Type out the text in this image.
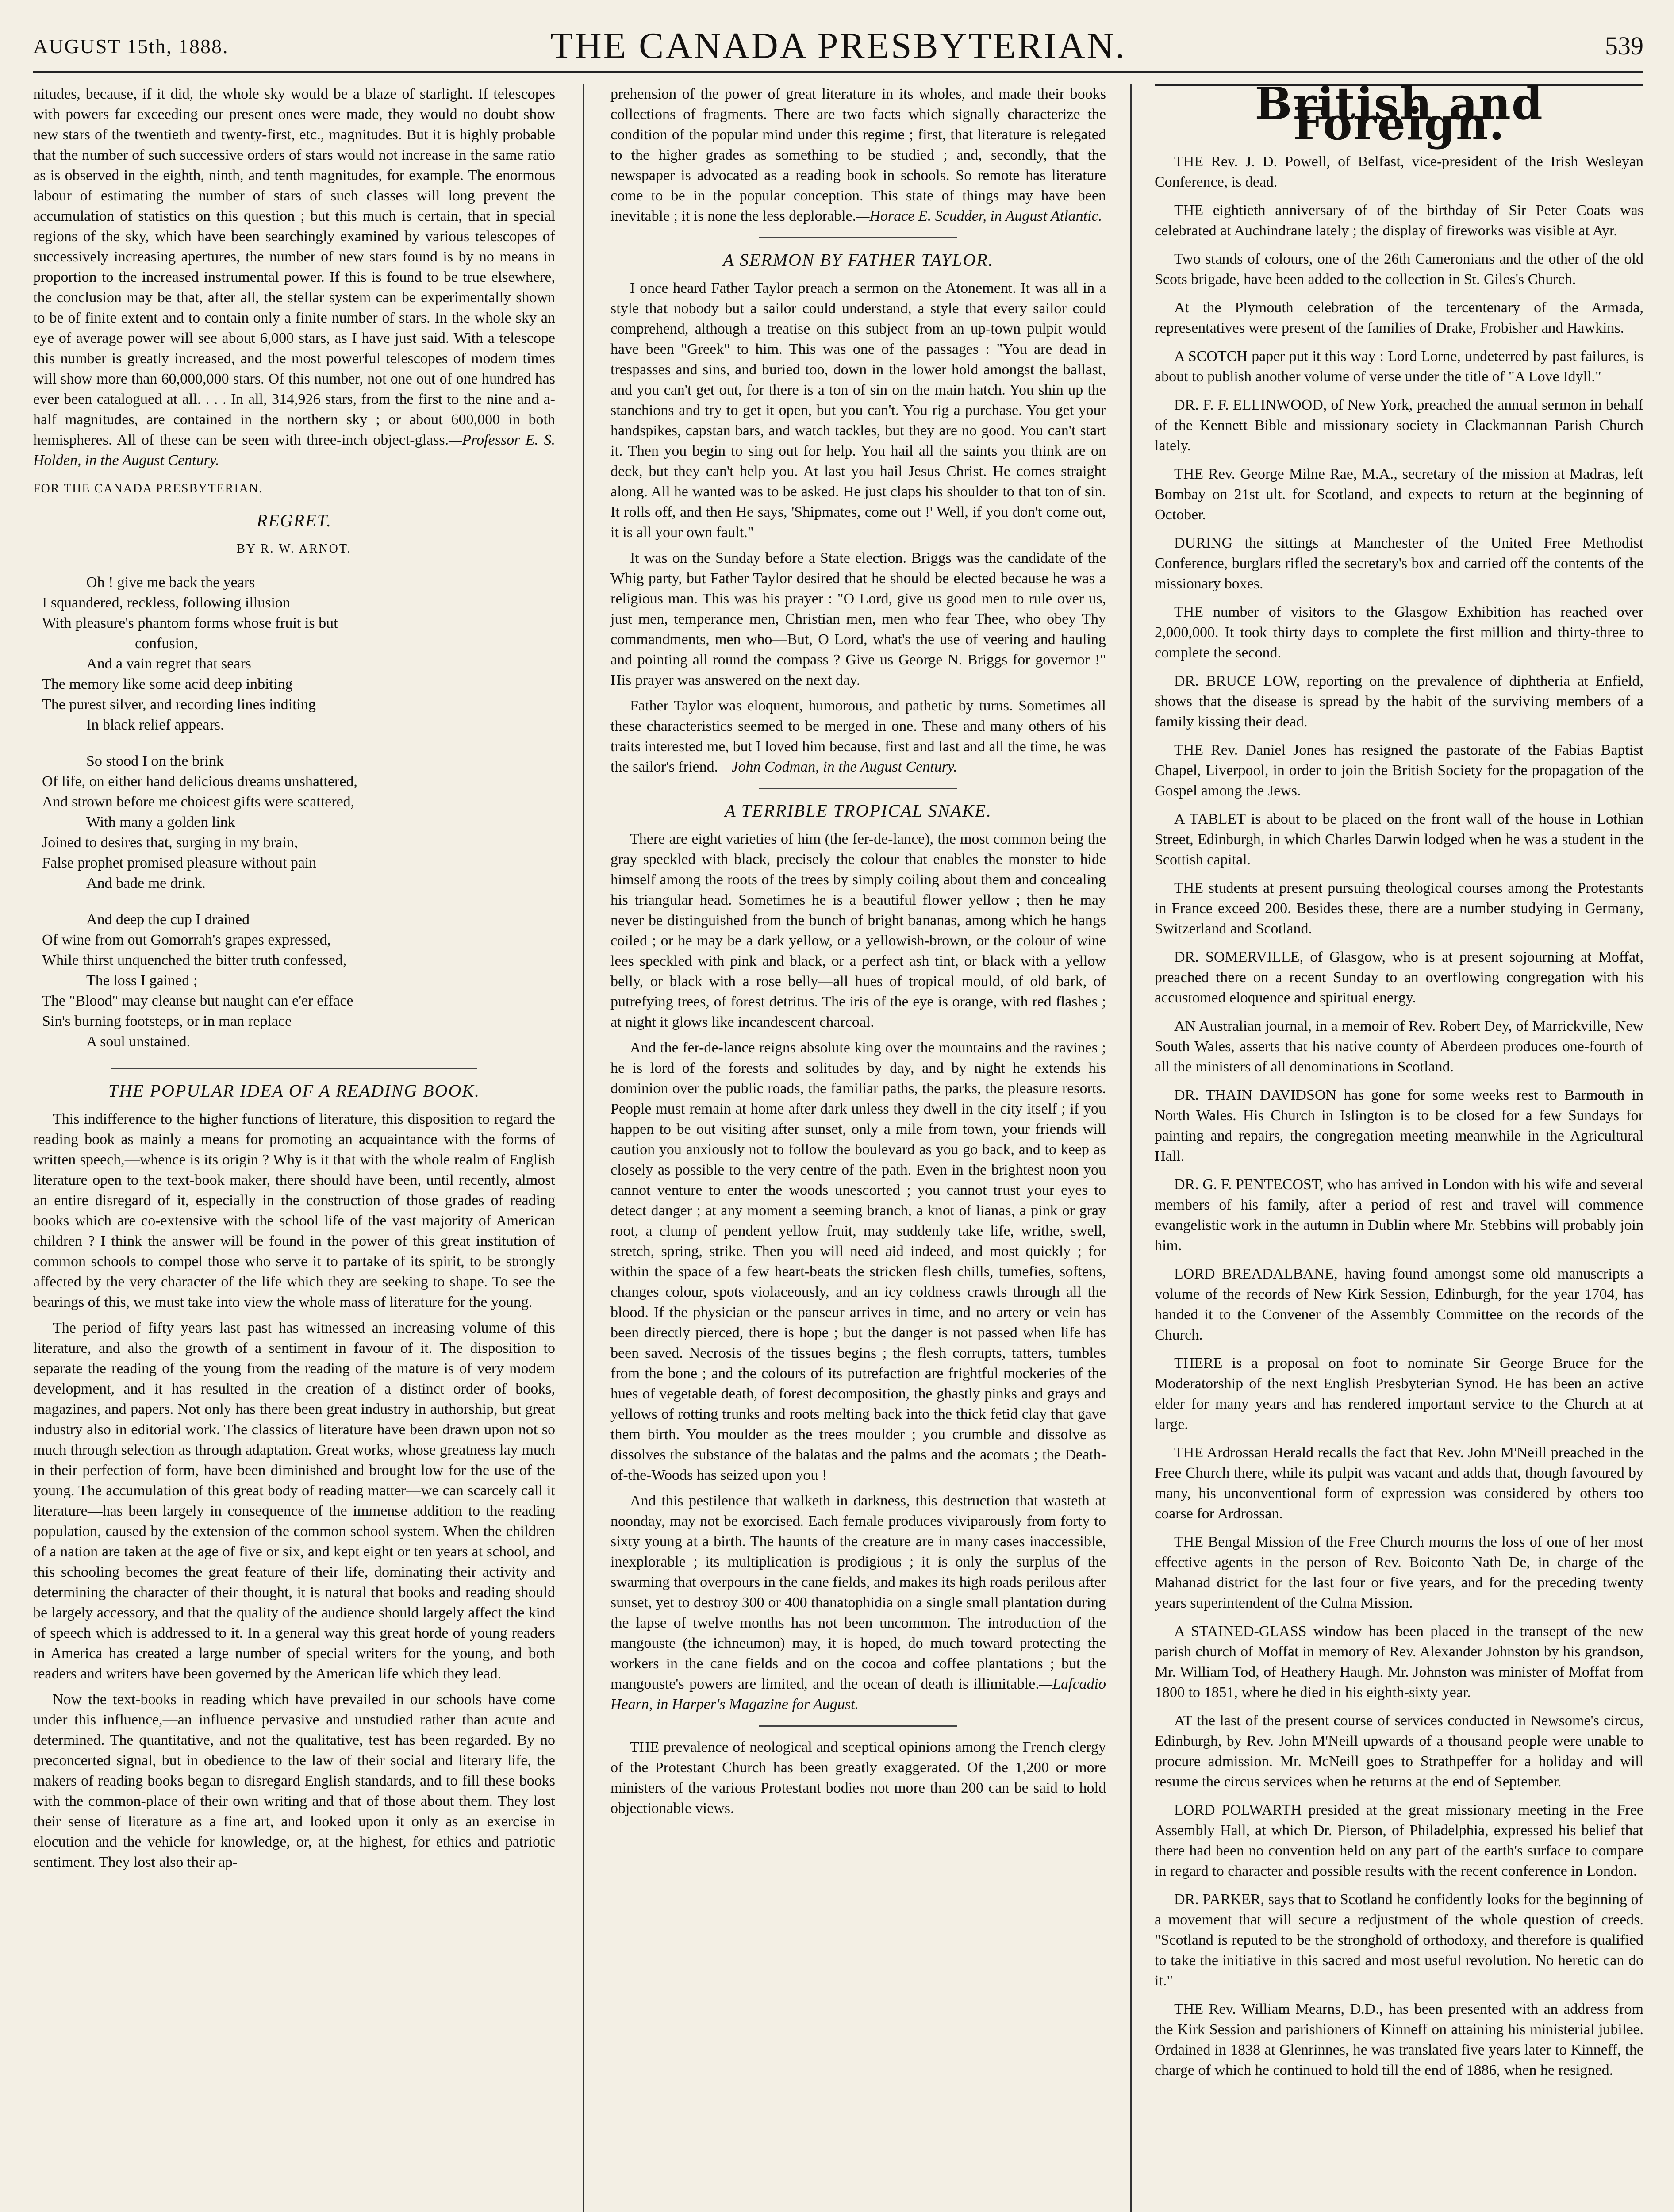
AUGUST 15th, 1888.	THE CANADA PRESBYTERIAN.	539

nitudes, because, if it did, the whole sky would be a blaze of starlight. If telescopes with powers far exceeding our present ones were made, they would no doubt show new stars of the twentieth and twenty-first, etc., magnitudes. But it is highly probable that the number of such successive orders of stars would not increase in the same ratio as is observed in the eighth, ninth, and tenth magnitudes, for example. The enormous labour of estimating the number of stars of such classes will long prevent the accumulation of statistics on this question ; but this much is certain, that in special regions of the sky, which have been searchingly examined by various telescopes of successively increasing apertures, the number of new stars found is by no means in proportion to the increased instrumental power. If this is found to be true elsewhere, the conclusion may be that, after all, the stellar system can be experimentally shown to be of finite extent and to contain only a finite number of stars. In the whole sky an eye of average power will see about 6,000 stars, as I have just said. With a telescope this number is greatly increased, and the most powerful telescopes of modern times will show more than 60,000,000 stars. Of this number, not one out of one hundred has ever been catalogued at all. . . . In all, 314,926 stars, from the first to the nine and a-half magnitudes, are contained in the northern sky ; or about 600,000 in both hemispheres. All of these can be seen with three-inch object-glass.—Professor E. S. Holden, in the August Century.

FOR THE CANADA PRESBYTERIAN.
REGRET.
BY R. W. ARNOT.
Oh ! give me back the years
I squandered, reckless, following illusion
With pleasure's phantom forms whose fruit is but
confusion,
And a vain regret that sears
The memory like some acid deep inbiting
The purest silver, and recording lines inditing
In black relief appears.
So stood I on the brink
Of life, on either hand delicious dreams unshattered,
And strown before me choicest gifts were scattered,
With many a golden link
Joined to desires that, surging in my brain,
False prophet promised pleasure without pain
And bade me drink.
And deep the cup I drained
Of wine from out Gomorrah's grapes expressed,
While thirst unquenched the bitter truth confessed,
The loss I gained ;
The "Blood" may cleanse but naught can e'er efface
Sin's burning footsteps, or in man replace
A soul unstained.
THE POPULAR IDEA OF A READING BOOK.

This indifference to the higher functions of literature, this disposition to regard the reading book as mainly a means for promoting an acquaintance with the forms of written speech,—whence is its origin ? Why is it that with the whole realm of English literature open to the text-book maker, there should have been, until recently, almost an entire disregard of it, especially in the construction of those grades of reading books which are co-extensive with the school life of the vast majority of American children ? I think the answer will be found in the power of this great institution of common schools to compel those who serve it to partake of its spirit, to be strongly affected by the very character of the life which they are seeking to shape. To see the bearings of this, we must take into view the whole mass of literature for the young.

The period of fifty years last past has witnessed an increasing volume of this literature, and also the growth of a sentiment in favour of it. The disposition to separate the reading of the young from the reading of the mature is of very modern development, and it has resulted in the creation of a distinct order of books, magazines, and papers. Not only has there been great industry in authorship, but great industry also in editorial work. The classics of literature have been drawn upon not so much through selection as through adaptation. Great works, whose greatness lay much in their perfection of form, have been diminished and brought low for the use of the young. The accumulation of this great body of reading matter—we can scarcely call it literature—has been largely in consequence of the immense addition to the reading population, caused by the extension of the common school system. When the children of a nation are taken at the age of five or six, and kept eight or ten years at school, and this schooling becomes the great feature of their life, dominating their activity and determining the character of their thought, it is natural that books and reading should be largely accessory, and that the quality of the audience should largely affect the kind of speech which is addressed to it. In a general way this great horde of young readers in America has created a large number of special writers for the young, and both readers and writers have been governed by the American life which they lead.

Now the text-books in reading which have prevailed in our schools have come under this influence,—an influence pervasive and unstudied rather than acute and determined. The quantitative, and not the qualitative, test has been regarded. By no preconcerted signal, but in obedience to the law of their social and literary life, the makers of reading books began to disregard English standards, and to fill these books with the common-place of their own writing and that of those about them. They lost their sense of literature as a fine art, and looked upon it only as an exercise in elocution and the vehicle for knowledge, or, at the highest, for ethics and patriotic sentiment. They lost also their ap-

prehension of the power of great literature in its wholes, and made their books collections of fragments. There are two facts which signally characterize the condition of the popular mind under this regime ; first, that literature is relegated to the higher grades as something to be studied ; and, secondly, that the newspaper is advocated as a reading book in schools. So remote has literature come to be in the popular conception. This state of things may have been inevitable ; it is none the less deplorable.—Horace E. Scudder, in August Atlantic.

A SERMON BY FATHER TAYLOR.

I once heard Father Taylor preach a sermon on the Atonement. It was all in a style that nobody but a sailor could understand, a style that every sailor could comprehend, although a treatise on this subject from an up-town pulpit would have been "Greek" to him. This was one of the passages : "You are dead in trespasses and sins, and buried too, down in the lower hold amongst the ballast, and you can't get out, for there is a ton of sin on the main hatch. You shin up the stanchions and try to get it open, but you can't. You rig a purchase. You get your handspikes, capstan bars, and watch tackles, but they are no good. You can't start it. Then you begin to sing out for help. You hail all the saints you think are on deck, but they can't help you. At last you hail Jesus Christ. He comes straight along. All he wanted was to be asked. He just claps his shoulder to that ton of sin. It rolls off, and then He says, 'Shipmates, come out !' Well, if you don't come out, it is all your own fault."

It was on the Sunday before a State election. Briggs was the candidate of the Whig party, but Father Taylor desired that he should be elected because he was a religious man. This was his prayer : "O Lord, give us good men to rule over us, just men, temperance men, Christian men, men who fear Thee, who obey Thy commandments, men who—But, O Lord, what's the use of veering and hauling and pointing all round the compass ? Give us George N. Briggs for governor !" His prayer was answered on the next day.

Father Taylor was eloquent, humorous, and pathetic by turns. Sometimes all these characteristics seemed to be merged in one. These and many others of his traits interested me, but I loved him because, first and last and all the time, he was the sailor's friend.—John Codman, in the August Century.

A TERRIBLE TROPICAL SNAKE.

There are eight varieties of him (the fer-de-lance), the most common being the gray speckled with black, precisely the colour that enables the monster to hide himself among the roots of the trees by simply coiling about them and concealing his triangular head. Sometimes he is a beautiful flower yellow ; then he may never be distinguished from the bunch of bright bananas, among which he hangs coiled ; or he may be a dark yellow, or a yellowish-brown, or the colour of wine lees speckled with pink and black, or a perfect ash tint, or black with a yellow belly, or black with a rose belly—all hues of tropical mould, of old bark, of putrefying trees, of forest detritus. The iris of the eye is orange, with red flashes ; at night it glows like incandescent charcoal.

And the fer-de-lance reigns absolute king over the mountains and the ravines ; he is lord of the forests and solitudes by day, and by night he extends his dominion over the public roads, the familiar paths, the parks, the pleasure resorts. People must remain at home after dark unless they dwell in the city itself ; if you happen to be out visiting after sunset, only a mile from town, your friends will caution you anxiously not to follow the boulevard as you go back, and to keep as closely as possible to the very centre of the path. Even in the brightest noon you cannot venture to enter the woods unescorted ; you cannot trust your eyes to detect danger ; at any moment a seeming branch, a knot of lianas, a pink or gray root, a clump of pendent yellow fruit, may suddenly take life, writhe, swell, stretch, spring, strike. Then you will need aid indeed, and most quickly ; for within the space of a few heart-beats the stricken flesh chills, tumefies, softens, changes colour, spots violaceously, and an icy coldness crawls through all the blood. If the physician or the panseur arrives in time, and no artery or vein has been directly pierced, there is hope ; but the danger is not passed when life has been saved. Necrosis of the tissues begins ; the flesh corrupts, tatters, tumbles from the bone ; and the colours of its putrefaction are frightful mockeries of the hues of vegetable death, of forest decomposition, the ghastly pinks and grays and yellows of rotting trunks and roots melting back into the thick fetid clay that gave them birth. You moulder as the trees moulder ; you crumble and dissolve as dissolves the substance of the balatas and the palms and the acomats ; the Death-of-the-Woods has seized upon you !

And this pestilence that walketh in darkness, this destruction that wasteth at noonday, may not be exorcised. Each female produces viviparously from forty to sixty young at a birth. The haunts of the creature are in many cases inaccessible, inexplorable ; its multiplication is prodigious ; it is only the surplus of the swarming that overpours in the cane fields, and makes its high roads perilous after sunset, yet to destroy 300 or 400 thanatophidia on a single small plantation during the lapse of twelve months has not been uncommon. The introduction of the mangouste (the ichneumon) may, it is hoped, do much toward protecting the workers in the cane fields and on the cocoa and coffee plantations ; but the mangouste's powers are limited, and the ocean of death is illimitable.—Lafcadio Hearn, in Harper's Magazine for August.

THE prevalence of neological and sceptical opinions among the French clergy of the Protestant Church has been greatly exaggerated. Of the 1,200 or more ministers of the various Protestant bodies not more than 200 can be said to hold objectionable views.

British and Foreign.

THE Rev. J. D. Powell, of Belfast, vice-president of the Irish Wesleyan Conference, is dead.

THE eightieth anniversary of of the birthday of Sir Peter Coats was celebrated at Auchindrane lately ; the display of fireworks was visible at Ayr.

Two stands of colours, one of the 26th Cameronians and the other of the old Scots brigade, have been added to the collection in St. Giles's Church.

At the Plymouth celebration of the tercentenary of the Armada, representatives were present of the families of Drake, Frobisher and Hawkins.

A SCOTCH paper put it this way : Lord Lorne, undeterred by past failures, is about to publish another volume of verse under the title of "A Love Idyll."

DR. F. F. ELLINWOOD, of New York, preached the annual sermon in behalf of the Kennett Bible and missionary society in Clackmannan Parish Church lately.

THE Rev. George Milne Rae, M.A., secretary of the mission at Madras, left Bombay on 21st ult. for Scotland, and expects to return at the beginning of October.

DURING the sittings at Manchester of the United Free Methodist Conference, burglars rifled the secretary's box and carried off the contents of the missionary boxes.

THE number of visitors to the Glasgow Exhibition has reached over 2,000,000. It took thirty days to complete the first million and thirty-three to complete the second.

DR. BRUCE LOW, reporting on the prevalence of diphtheria at Enfield, shows that the disease is spread by the habit of the surviving members of a family kissing their dead.

THE Rev. Daniel Jones has resigned the pastorate of the Fabias Baptist Chapel, Liverpool, in order to join the British Society for the propagation of the Gospel among the Jews.

A TABLET is about to be placed on the front wall of the house in Lothian Street, Edinburgh, in which Charles Darwin lodged when he was a student in the Scottish capital.

THE students at present pursuing theological courses among the Protestants in France exceed 200. Besides these, there are a number studying in Germany, Switzerland and Scotland.

DR. SOMERVILLE, of Glasgow, who is at present sojourning at Moffat, preached there on a recent Sunday to an overflowing congregation with his accustomed eloquence and spiritual energy.

AN Australian journal, in a memoir of Rev. Robert Dey, of Marrickville, New South Wales, asserts that his native county of Aberdeen produces one-fourth of all the ministers of all denominations in Scotland.

DR. THAIN DAVIDSON has gone for some weeks rest to Barmouth in North Wales. His Church in Islington is to be closed for a few Sundays for painting and repairs, the congregation meeting meanwhile in the Agricultural Hall.

DR. G. F. PENTECOST, who has arrived in London with his wife and several members of his family, after a period of rest and travel will commence evangelistic work in the autumn in Dublin where Mr. Stebbins will probably join him.

LORD BREADALBANE, having found amongst some old manuscripts a volume of the records of New Kirk Session, Edinburgh, for the year 1704, has handed it to the Convener of the Assembly Committee on the records of the Church.

THERE is a proposal on foot to nominate Sir George Bruce for the Moderatorship of the next English Presbyterian Synod. He has been an active elder for many years and has rendered important service to the Church at at large.

THE Ardrossan Herald recalls the fact that Rev. John M'Neill preached in the Free Church there, while its pulpit was vacant and adds that, though favoured by many, his unconventional form of expression was considered by others too coarse for Ardrossan.

THE Bengal Mission of the Free Church mourns the loss of one of her most effective agents in the person of Rev. Boiconto Nath De, in charge of the Mahanad district for the last four or five years, and for the preceding twenty years superintendent of the Culna Mission.

A STAINED-GLASS window has been placed in the transept of the new parish church of Moffat in memory of Rev. Alexander Johnston by his grandson, Mr. William Tod, of Heathery Haugh. Mr. Johnston was minister of Moffat from 1800 to 1851, where he died in his eighth-sixty year.

AT the last of the present course of services conducted in Newsome's circus, Edinburgh, by Rev. John M'Neill upwards of a thousand people were unable to procure admission. Mr. McNeill goes to Strathpeffer for a holiday and will resume the circus services when he returns at the end of September.

LORD POLWARTH presided at the great missionary meeting in the Free Assembly Hall, at which Dr. Pierson, of Philadelphia, expressed his belief that there had been no convention held on any part of the earth's surface to compare in regard to character and possible results with the recent conference in London.

DR. PARKER, says that to Scotland he confidently looks for the beginning of a movement that will secure a redjustment of the whole question of creeds. "Scotland is reputed to be the stronghold of orthodoxy, and therefore is qualified to take the initiative in this sacred and most useful revolution. No heretic can do it."

THE Rev. William Mearns, D.D., has been presented with an address from the Kirk Session and parishioners of Kinneff on attaining his ministerial jubilee. Ordained in 1838 at Glenrinnes, he was translated five years later to Kinneff, the charge of which he continued to hold till the end of 1886, when he resigned.
